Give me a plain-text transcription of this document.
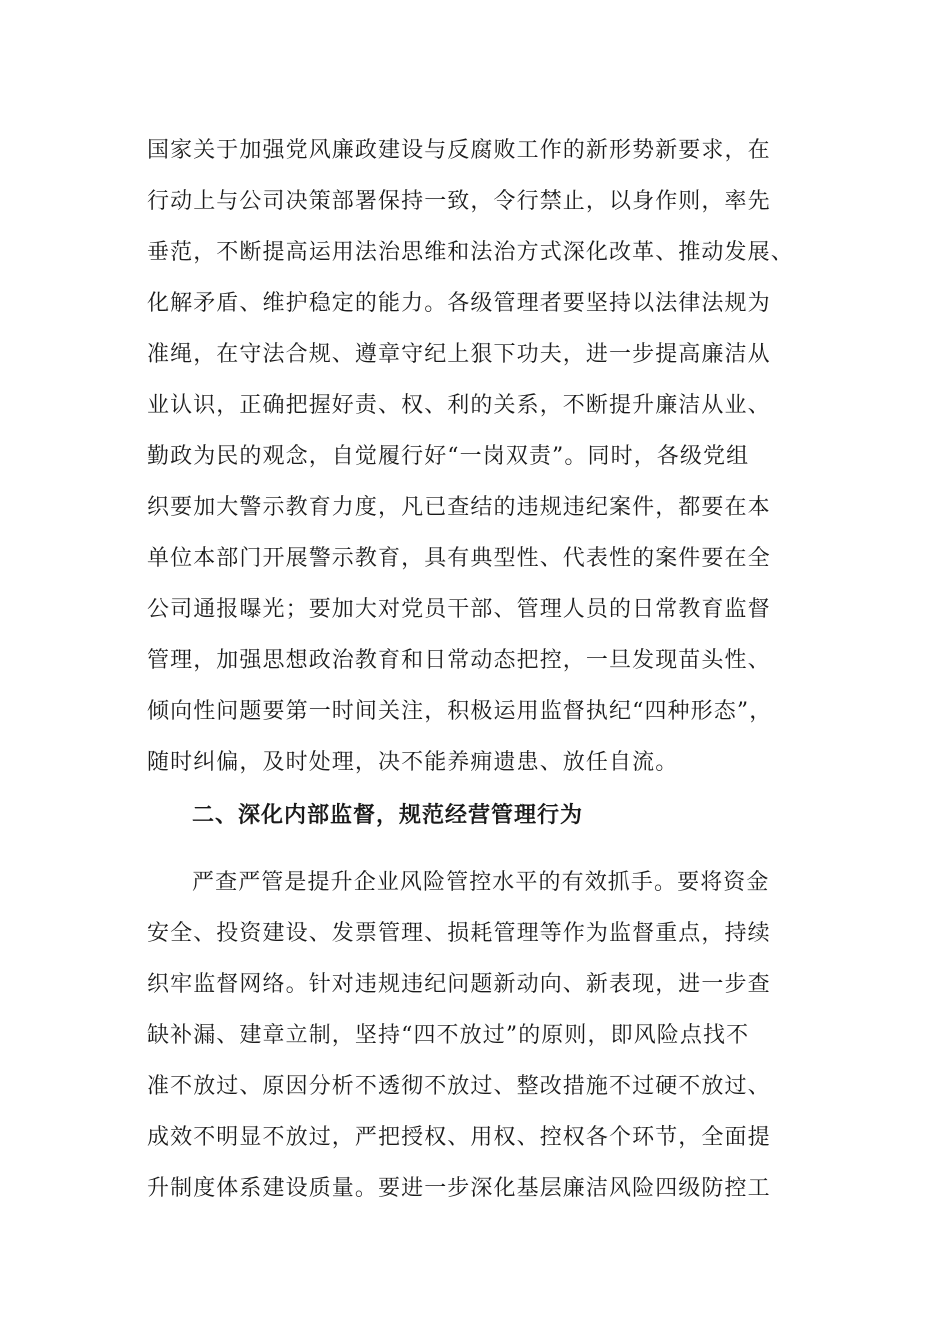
国家关于加强党风廉政建设与反腐败工作的新形势新要求，在
行动上与公司决策部署保持一致，令行禁止，以身作则，率先
垂范，不断提高运用法治思维和法治方式深化改革、推动发展、
化解矛盾、维护稳定的能力。各级管理者要坚持以法律法规为
准绳，在守法合规、遵章守纪上狠下功夫，进一步提高廉洁从
业认识，正确把握好责、权、利的关系，不断提升廉洁从业、
勤政为民的观念，自觉履行好“一岗双责”。同时，各级党组
织要加大警示教育力度，凡已查结的违规违纪案件，都要在本
单位本部门开展警示教育，具有典型性、代表性的案件要在全
公司通报曝光；要加大对党员干部、管理人员的日常教育监督
管理，加强思想政治教育和日常动态把控，一旦发现苗头性、
倾向性问题要第一时间关注，积极运用监督执纪“四种形态”，
随时纠偏，及时处理，决不能养痈遗患、放任自流。
二、深化内部监督，规范经营管理行为
严查严管是提升企业风险管控水平的有效抓手。要将资金
安全、投资建设、发票管理、损耗管理等作为监督重点，持续
织牢监督网络。针对违规违纪问题新动向、新表现，进一步查
缺补漏、建章立制，坚持“四不放过”的原则，即风险点找不
准不放过、原因分析不透彻不放过、整改措施不过硬不放过、
成效不明显不放过，严把授权、用权、控权各个环节，全面提
升制度体系建设质量。要进一步深化基层廉洁风险四级防控工
